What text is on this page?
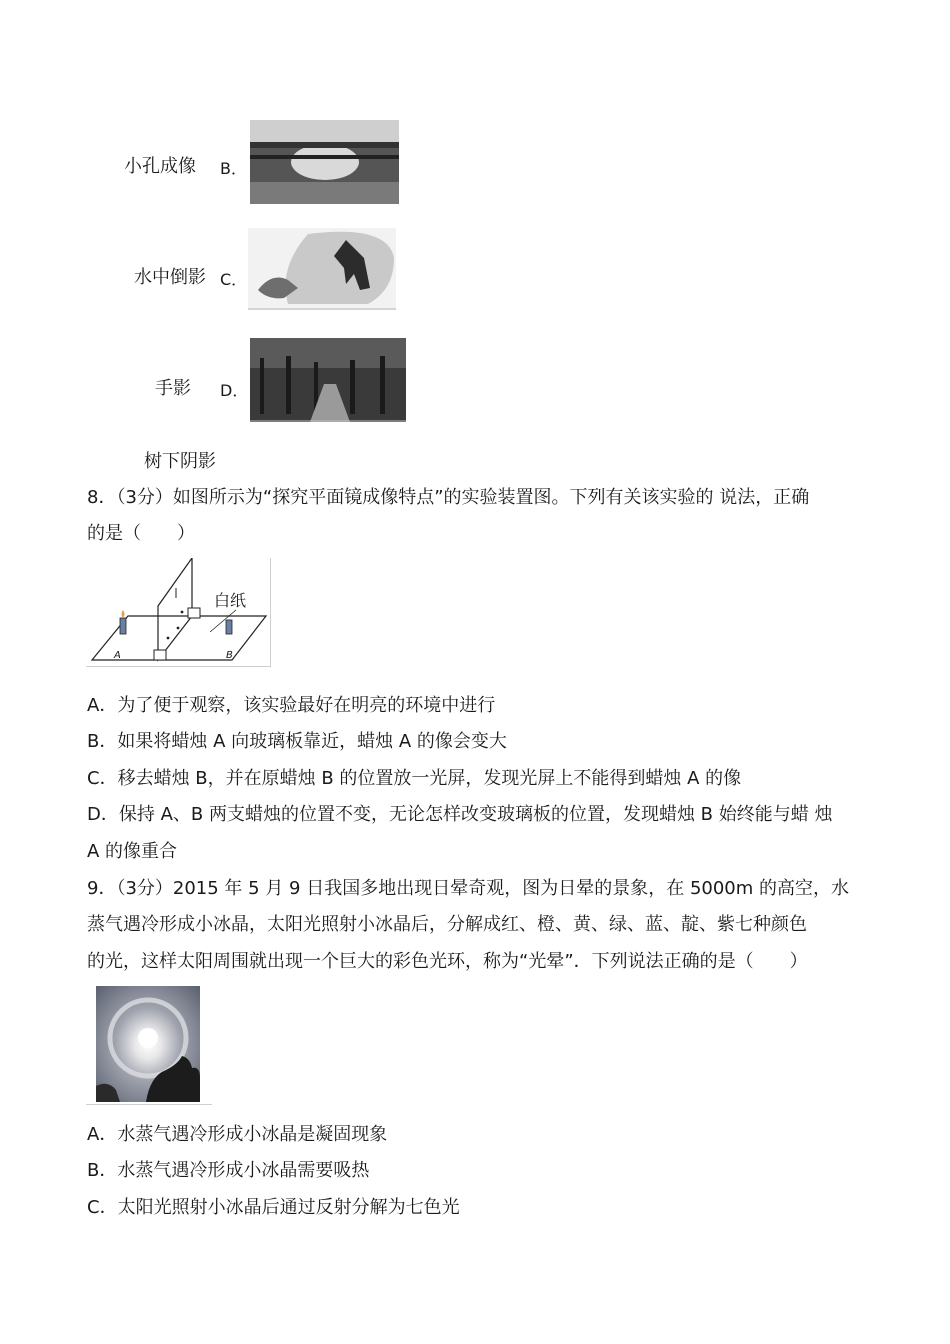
小孔成像 B．
水中倒影 C．
手影 D．
树下阴影
8．（3分）如图所示为“探究平面镜成像特点”的实验装置图。下列有关该实验的 说法，正确
的是（　　）
白纸
A	B
A．为了便于观察，该实验最好在明亮的环境中进行
B．如果将蜡烛 A 向玻璃板靠近，蜡烛 A 的像会变大
C．移去蜡烛 B，并在原蜡烛 B 的位置放一光屏，发现光屏上不能得到蜡烛 A 的像
D．保持 A、B 两支蜡烛的位置不变，无论怎样改变玻璃板的位置，发现蜡烛 B 始终能与蜡 烛
A 的像重合
9．（3分）2015 年 5 月 9 日我国多地出现日晕奇观，图为日晕的景象，在 5000m 的高空，水
蒸气遇冷形成小冰晶，太阳光照射小冰晶后，分解成红、橙、黄、绿、蓝、靛、紫七种颜色
的光，这样太阳周围就出现一个巨大的彩色光环，称为“光晕”．下列说法正确的是（　　）
A．水蒸气遇冷形成小冰晶是凝固现象
B．水蒸气遇冷形成小冰晶需要吸热
C．太阳光照射小冰晶后通过反射分解为七色光
